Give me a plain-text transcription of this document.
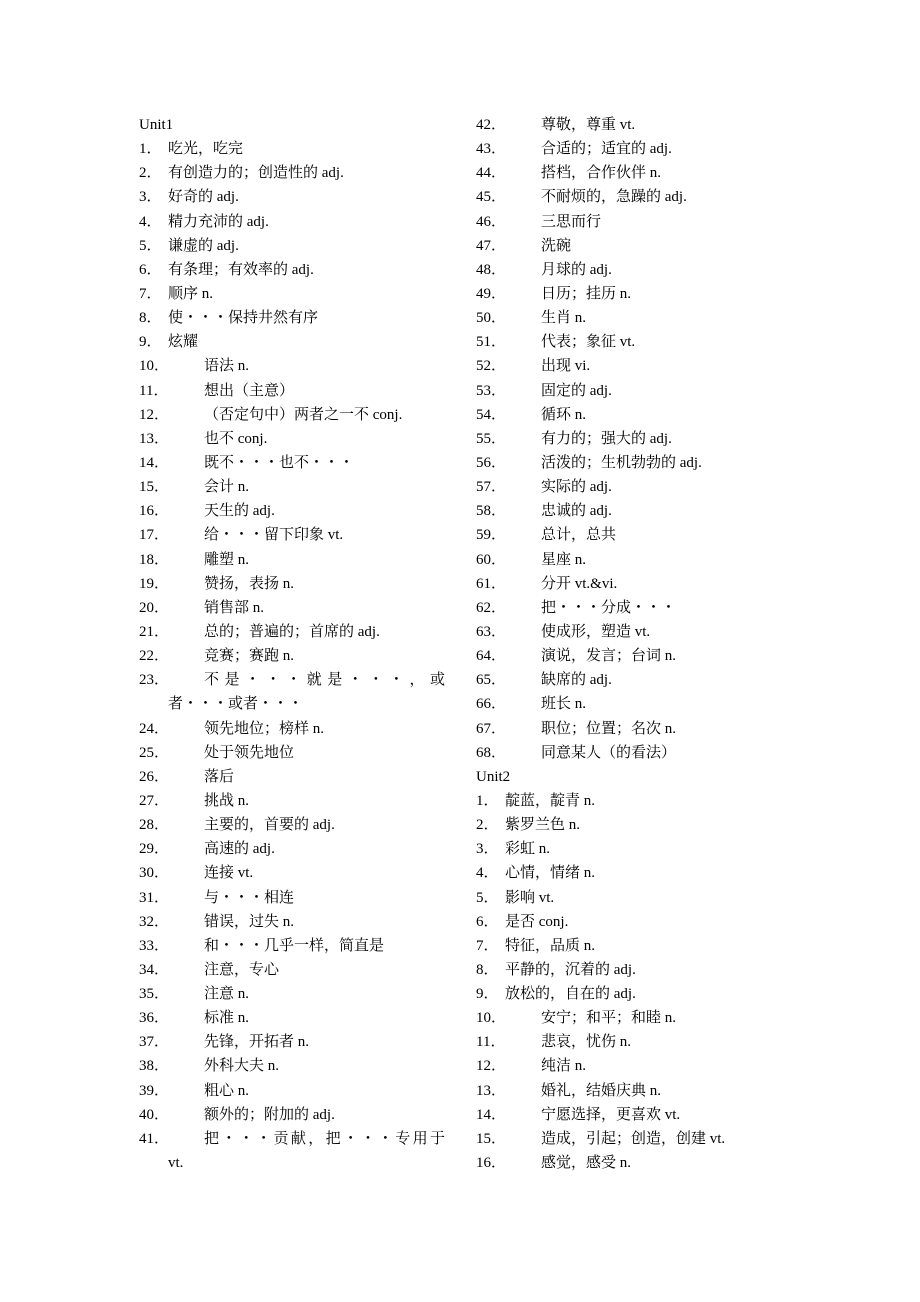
Unit1
1． 吃光，吃完
2． 有创造力的；创造性的 adj.
3． 好奇的 adj.
4． 精力充沛的 adj.
5． 谦虚的 adj.
6． 有条理；有效率的 adj.
7． 顺序 n.
8． 使・・・保持井然有序
9． 炫耀
10． 语法 n.
11． 想出（主意）
12． （否定句中）两者之一不 conj.
13． 也不 conj.
14． 既不・・・也不・・・
15． 会计 n.
16． 天生的 adj.
17． 给・・・留下印象 vt.
18． 雕塑 n.
19． 赞扬，表扬 n.
20． 销售部 n.
21． 总的；普遍的；首席的 adj.
22． 竞赛；赛跑 n.
23． 不是・・・就是・・・，或
者・・・或者・・・
24． 领先地位；榜样 n.
25． 处于领先地位
26． 落后
27． 挑战 n.
28． 主要的，首要的 adj.
29． 高速的 adj.
30． 连接 vt.
31． 与・・・相连
32． 错误，过失 n.
33． 和・・・几乎一样，简直是
34． 注意，专心
35． 注意 n.
36． 标准 n.
37． 先锋，开拓者 n.
38． 外科大夫 n.
39． 粗心 n.
40． 额外的；附加的 adj.
41． 把・・・贡献，把・・・专用于
vt.
42． 尊敬，尊重 vt.
43． 合适的；适宜的 adj.
44． 搭档，合作伙伴 n.
45． 不耐烦的，急躁的 adj.
46． 三思而行
47． 洗碗
48． 月球的 adj.
49． 日历；挂历 n.
50． 生肖 n.
51． 代表；象征 vt.
52． 出现 vi.
53． 固定的 adj.
54． 循环 n.
55． 有力的；强大的 adj.
56． 活泼的；生机勃勃的 adj.
57． 实际的 adj.
58． 忠诚的 adj.
59． 总计，总共
60． 星座 n.
61． 分开 vt.&vi.
62． 把・・・分成・・・
63． 使成形，塑造 vt.
64． 演说，发言；台词 n.
65． 缺席的 adj.
66． 班长 n.
67． 职位；位置；名次 n.
68． 同意某人（的看法）
Unit2
1． 靛蓝，靛青 n.
2． 紫罗兰色 n.
3． 彩虹 n.
4． 心情，情绪 n.
5． 影响 vt.
6． 是否 conj.
7． 特征，品质 n.
8． 平静的，沉着的 adj.
9． 放松的，自在的 adj.
10． 安宁；和平；和睦 n.
11． 悲哀，忧伤 n.
12． 纯洁 n.
13． 婚礼，结婚庆典 n.
14． 宁愿选择，更喜欢 vt.
15． 造成，引起；创造，创建 vt.
16． 感觉，感受 n.
